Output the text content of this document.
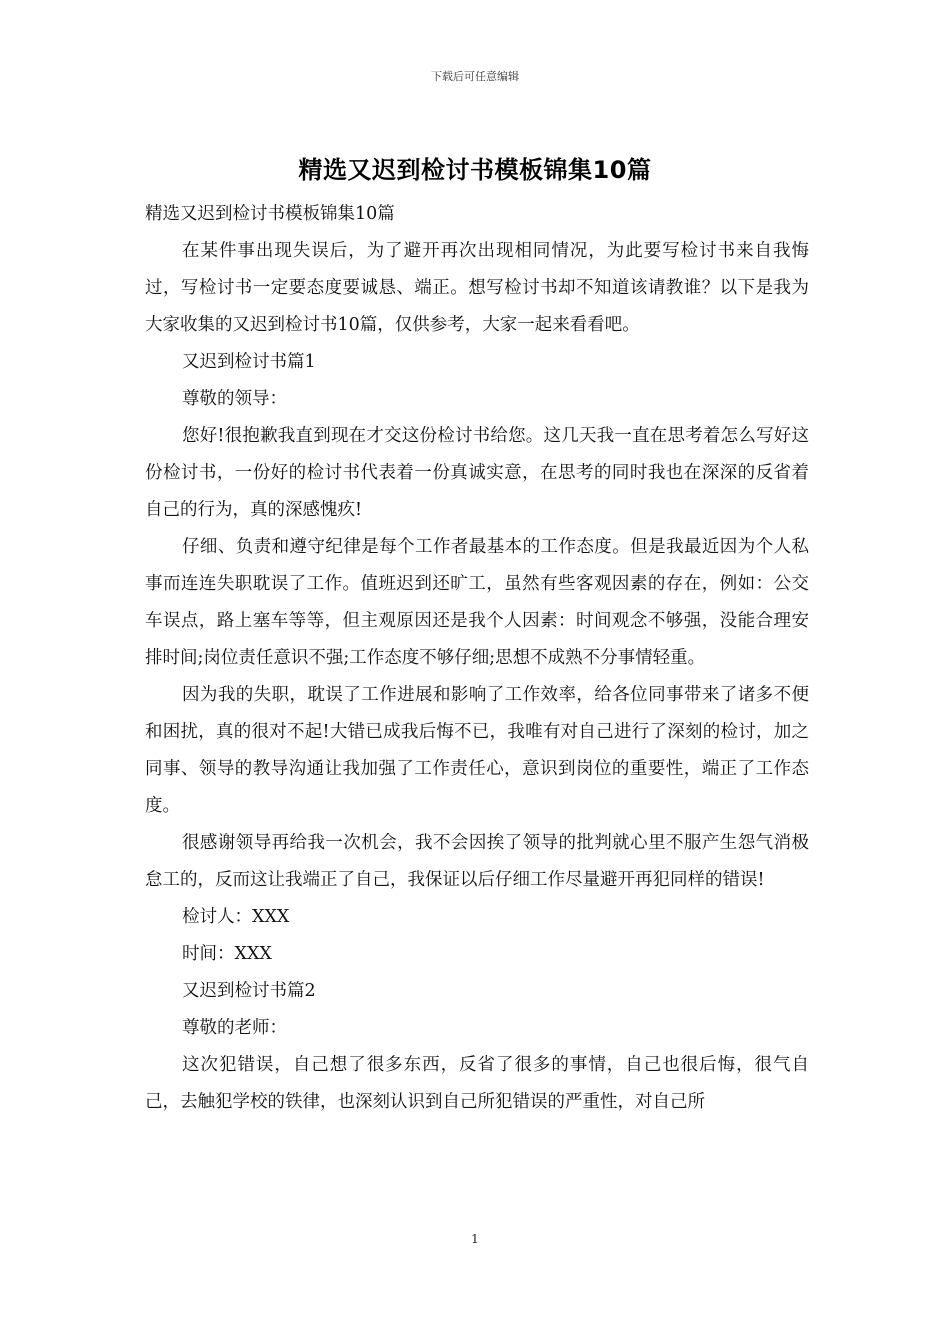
下载后可任意编辑
精选又迟到检讨书模板锦集10篇

精选又迟到检讨书模板锦集10篇

在某件事出现失误后，为了避开再次出现相同情况，为此要写检讨书来自我悔过，写检讨书一定要态度要诚恳、端正。想写检讨书却不知道该请教谁？以下是我为大家收集的又迟到检讨书10篇，仅供参考，大家一起来看看吧。

又迟到检讨书篇1

尊敬的领导：

您好!很抱歉我直到现在才交这份检讨书给您。这几天我一直在思考着怎么写好这份检讨书，一份好的检讨书代表着一份真诚实意，在思考的同时我也在深深的反省着自己的行为，真的深感愧疚!

仔细、负责和遵守纪律是每个工作者最基本的工作态度。但是我最近因为个人私事而连连失职耽误了工作。值班迟到还旷工，虽然有些客观因素的存在，例如：公交车误点，路上塞车等等，但主观原因还是我个人因素：时间观念不够强，没能合理安排时间;岗位责任意识不强;工作态度不够仔细;思想不成熟不分事情轻重。

因为我的失职，耽误了工作进展和影响了工作效率，给各位同事带来了诸多不便和困扰，真的很对不起!大错已成我后悔不已，我唯有对自己进行了深刻的检讨，加之同事、领导的教导沟通让我加强了工作责任心，意识到岗位的重要性，端正了工作态度。

很感谢领导再给我一次机会，我不会因挨了领导的批判就心里不服产生怨气消极怠工的，反而这让我端正了自己，我保证以后仔细工作尽量避开再犯同样的错误!

检讨人：XXX

时间：XXX

又迟到检讨书篇2

尊敬的老师：

这次犯错误，自己想了很多东西，反省了很多的事情，自己也很后悔，很气自己，去触犯学校的铁律，也深刻认识到自己所犯错误的严重性，对自己所

1
